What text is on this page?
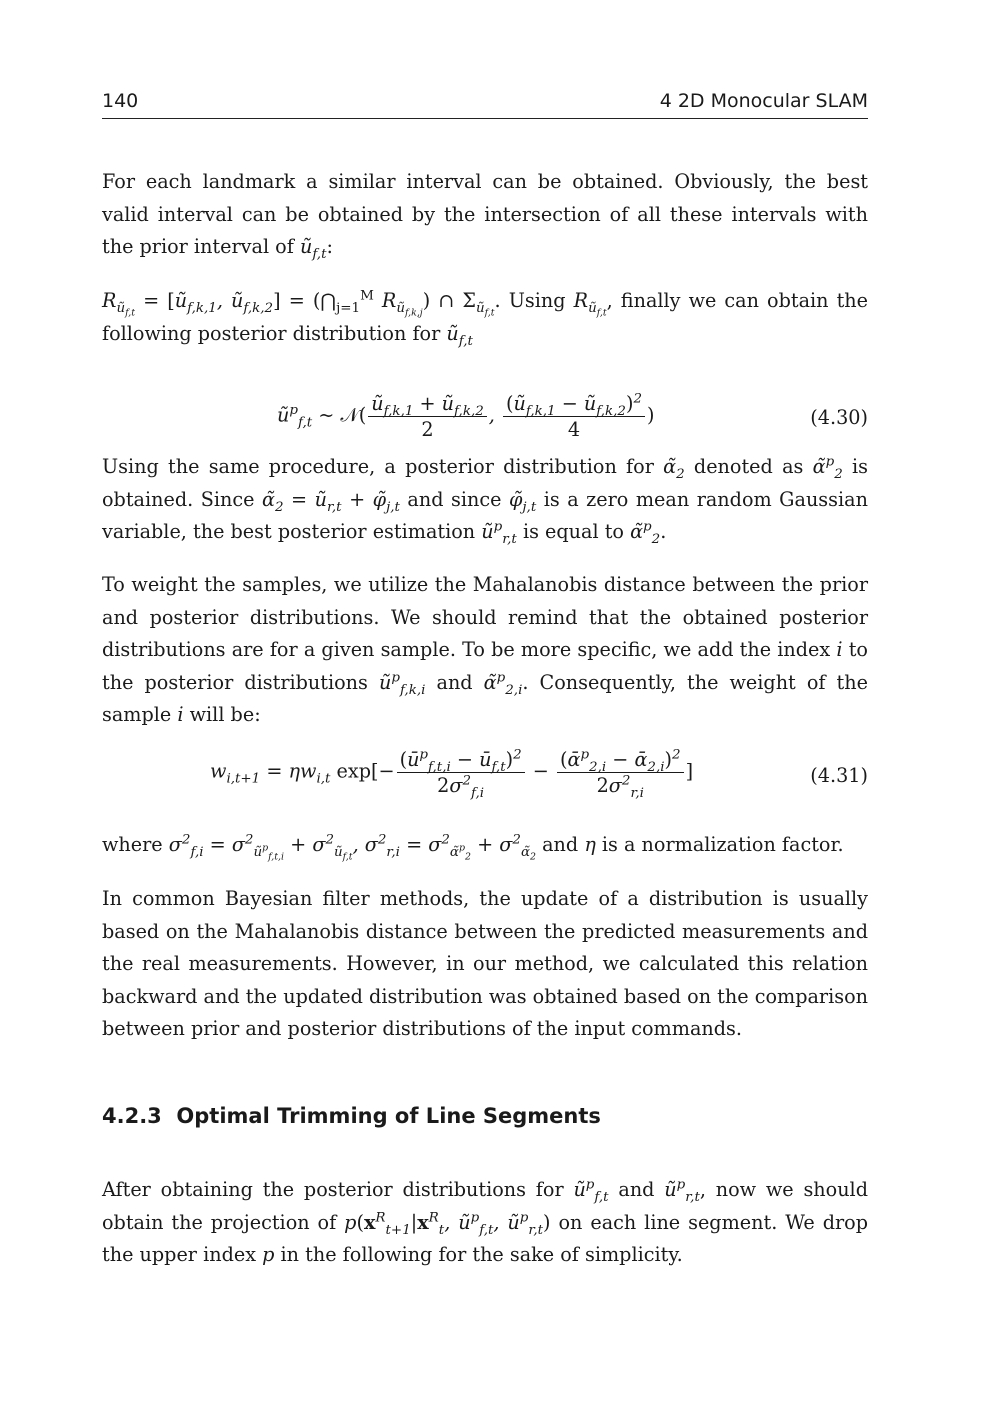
140	4 2D Monocular SLAM
For each landmark a similar interval can be obtained. Obviously, the best valid interval can be obtained by the intersection of all these intervals with the prior interval of $ũ_{f,t}$:
$R_{ũ_{f,t}}$ = [$ũ_{f,k,1}$, $ũ_{f,k,2}$] = ($⋂_{j=1}^M$ $R_{ũ_{f,k,j}}$) ∩ $\Sigma_{ũ_{f,t}}$. Using $R_{ũ_{f,t}}$, finally we can obtain the following posterior distribution for $ũ_{f,t}$
$ũ^p_{f,t}$ ∼ 𝒩( $\frac{ũ_{f,k,1} + ũ_{f,k,2}}{2}$ , $\frac{(ũ_{f,k,1} - ũ_{f,k,2})^2}{4}$ )	(4.30)
Using the same procedure, a posterior distribution for $\alphã_2$ denoted as α̃$^p_2$ is obtained. Since $\alphã_2$ = $ũ_{r,t}$ + $\varphĩ_{j,t}$ and since $\varphĩ_{j,t}$ is a zero mean random Gaussian variable, the best posterior estimation $ũ^p_{r,t}$ is equal to α̃$^p_2$.
To weight the samples, we utilize the Mahalanobis distance between the prior and posterior distributions. We should remind that the obtained posterior distributions are for a given sample. To be more specific, we add the index i to the posterior distributions $ũ^p_{f,k,i}$ and α̃$^p_{2,i}$. Consequently, the weight of the sample i will be:
$w_{i,t+1} = \eta w_{i,t}$ $\exp[- \frac{(ū^p_{f,t,i} - ū_{f,t})^2}{2\sigma^2_{f,i}} - \frac{(ᾱ^p_{2,i} - ᾱ_{2,i})^2}{2\sigma^2_{r,i}}$ ]	(4.31)
where $\sigma^2_{f,i} = \sigma^2_{ũ^p_{f,t,i}} + \sigma^2_{ũ_{f,t}}$, $\sigma^2_{r,i} = \sigma^2_{\alphã^p_2} + \sigma^2_{\alphã_2}$ and η is a normalization factor.
In common Bayesian filter methods, the update of a distribution is usually based on the Mahalanobis distance between the predicted measurements and the real measurements. However, in our method, we calculated this relation backward and the updated distribution was obtained based on the comparison between prior and posterior distributions of the input commands.
4.2.3 Optimal Trimming of Line Segments
After obtaining the posterior distributions for $ũ^p_{f,t}$ and $ũ^p_{r,t}$, now we should obtain the projection of $p(x^R_{t+1}|x^R_t$, $ũ^p_{f,t}$, $ũ^p_{r,t}$) on each line segment. We drop the upper index p in the following for the sake of simplicity.
